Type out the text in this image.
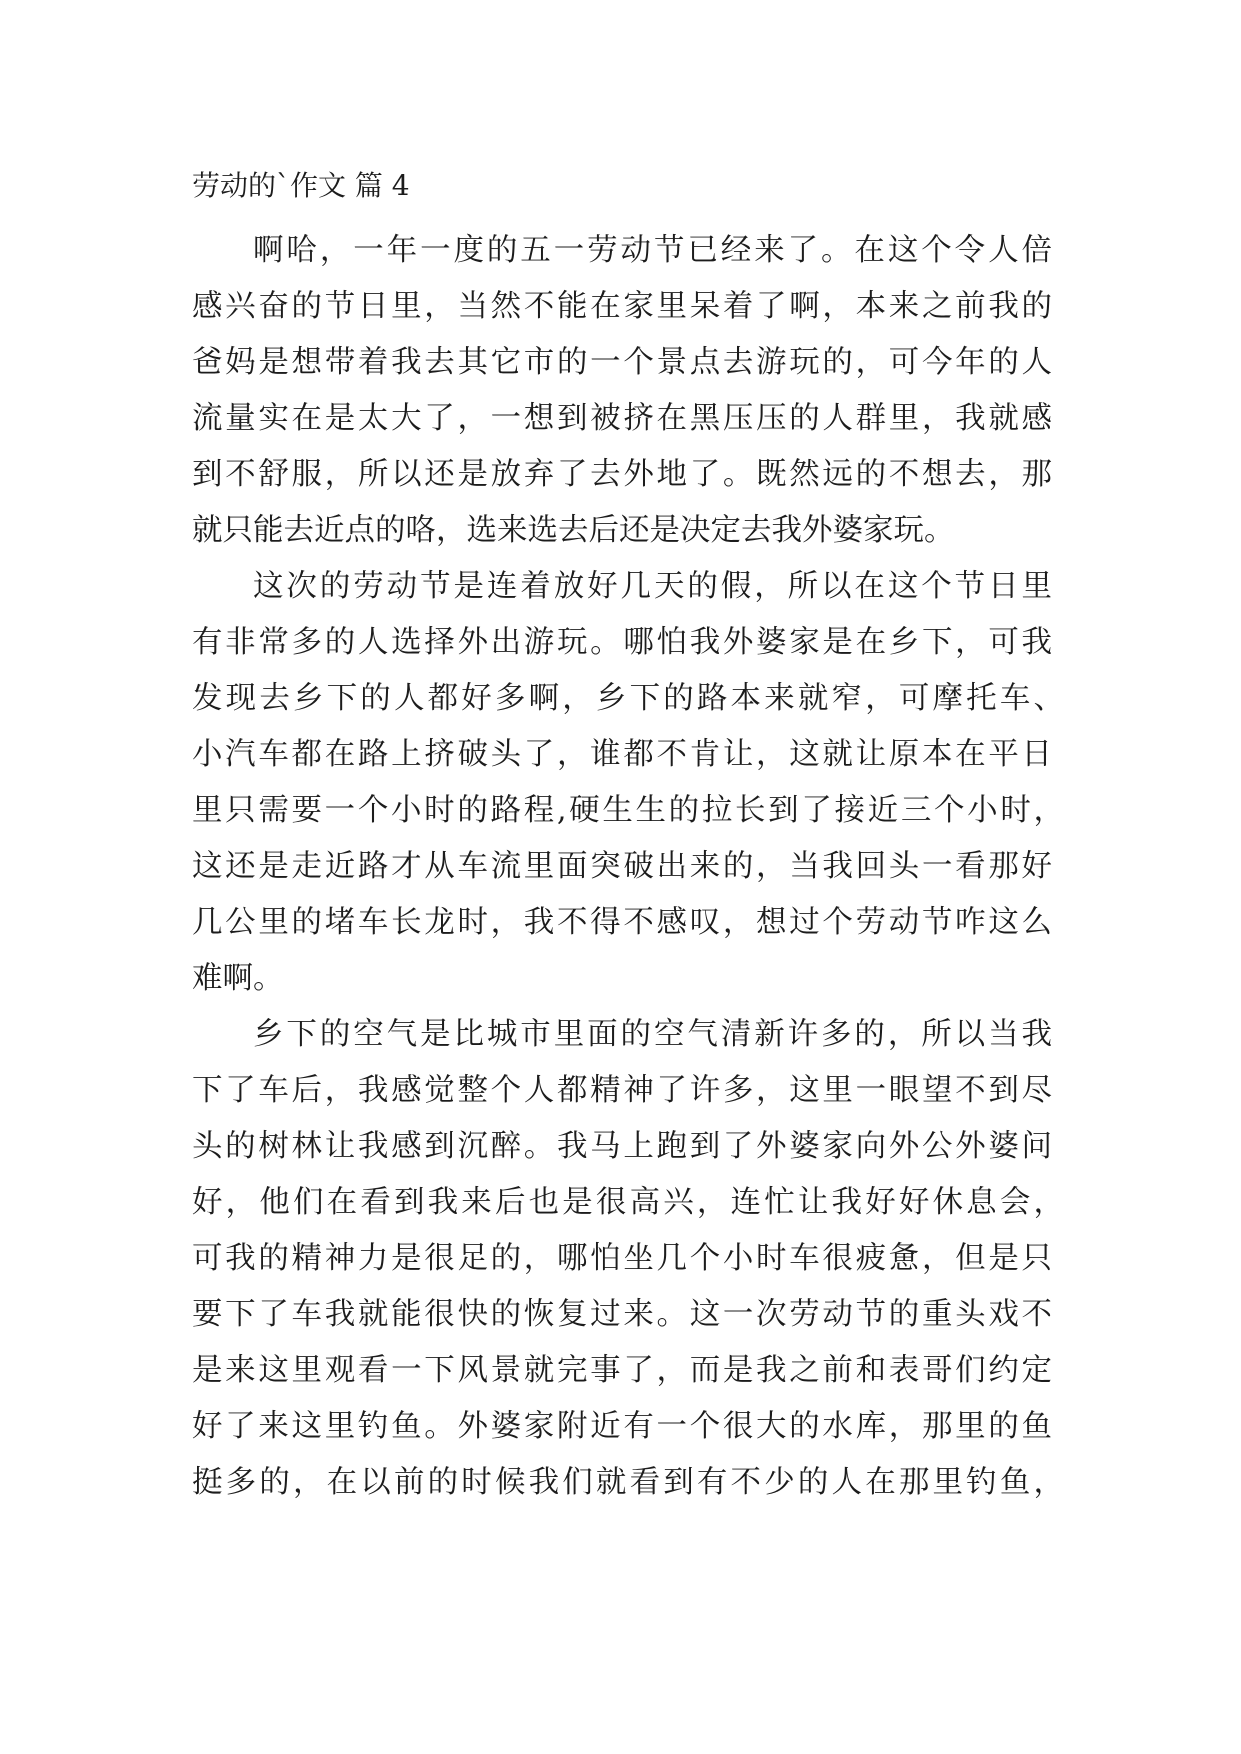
劳动的`作文 篇 4
啊哈，一年一度的五一劳动节已经来了。在这个令人倍
感兴奋的节日里，当然不能在家里呆着了啊，本来之前我的
爸妈是想带着我去其它市的一个景点去游玩的，可今年的人
流量实在是太大了，一想到被挤在黑压压的人群里，我就感
到不舒服，所以还是放弃了去外地了。既然远的不想去，那
就只能去近点的咯，选来选去后还是决定去我外婆家玩。
这次的劳动节是连着放好几天的假，所以在这个节日里
有非常多的人选择外出游玩。哪怕我外婆家是在乡下，可我
发现去乡下的人都好多啊，乡下的路本来就窄，可摩托车、
小汽车都在路上挤破头了，谁都不肯让，这就让原本在平日
里只需要一个小时的路程,硬生生的拉长到了接近三个小时，
这还是走近路才从车流里面突破出来的，当我回头一看那好
几公里的堵车长龙时，我不得不感叹，想过个劳动节咋这么
难啊。
乡下的空气是比城市里面的空气清新许多的，所以当我
下了车后，我感觉整个人都精神了许多，这里一眼望不到尽
头的树林让我感到沉醉。我马上跑到了外婆家向外公外婆问
好，他们在看到我来后也是很高兴，连忙让我好好休息会，
可我的精神力是很足的，哪怕坐几个小时车很疲惫，但是只
要下了车我就能很快的恢复过来。这一次劳动节的重头戏不
是来这里观看一下风景就完事了，而是我之前和表哥们约定
好了来这里钓鱼。外婆家附近有一个很大的水库，那里的鱼
挺多的，在以前的时候我们就看到有不少的人在那里钓鱼，
